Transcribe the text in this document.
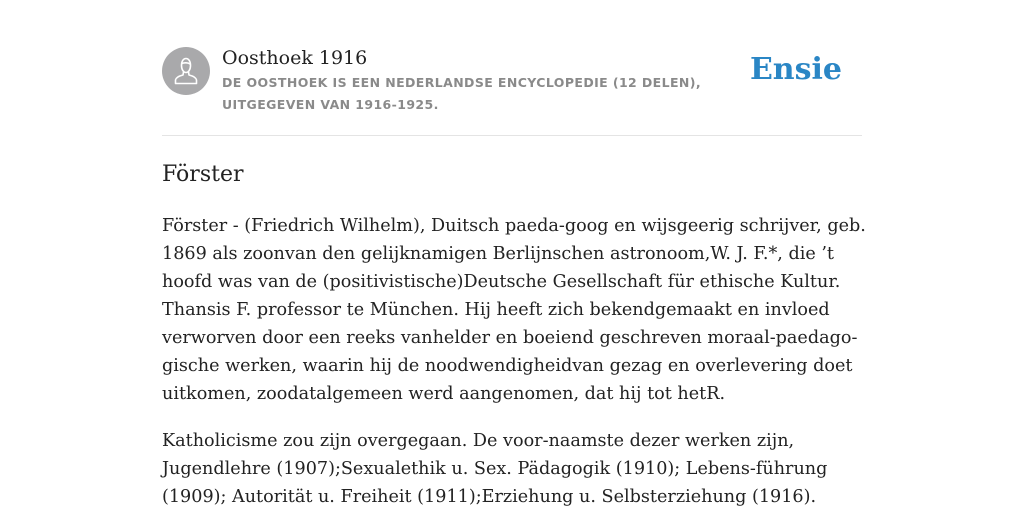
Oosthoek 1916
DE OOSTHOEK IS EEN NEDERLANDSE ENCYCLOPEDIE (12 DELEN), UITGEGEVEN VAN 1916-1925.
Ensie
Förster

Förster - (Friedrich Wilhelm), Duitsch paeda-goog en wijsgeerig schrijver, geb. 1869 als zoonvan den gelijknamigen Berlijnschen astronoom,W. J. F.*, die ’t hoofd was van de (positivistische)Deutsche Gesellschaft für ethische Kultur. Thansis F. professor te München. Hij heeft zich bekendgemaakt en invloed verworven door een reeks vanhelder en boeiend geschreven moraal-paedago-gische werken, waarin hij de noodwendigheidvan gezag en overlevering doet uitkomen, zoodatalgemeen werd aangenomen, dat hij tot hetR.

Katholicisme zou zijn overgegaan. De voor-naamste dezer werken zijn, Jugendlehre (1907);Sexualethik u. Sex. Pädagogik (1910); Lebens-führung (1909); Autorität u. Freiheit (1911);Erziehung u. Selbsterziehung (1916).
